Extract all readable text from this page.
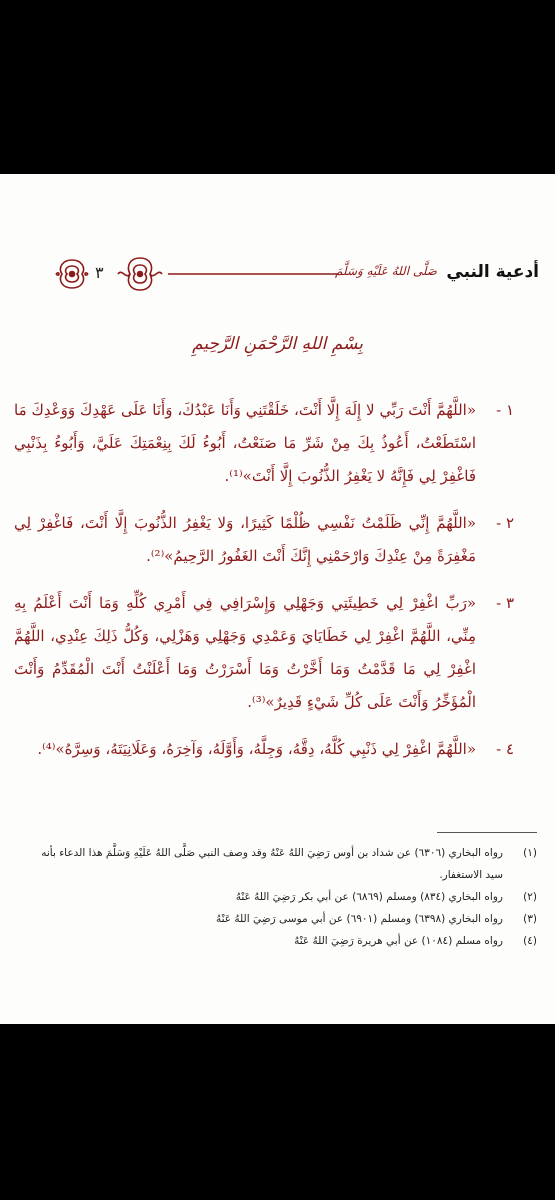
٣	صَلَّى اللهُ عَلَيْهِ وَسَلَّمَ أدعية النبي
بِسْمِ اللهِ الرَّحْمَنِ الرَّحِيمِ
١ -
«اللَّهُمَّ أَنْتَ رَبِّي لا إِلَهَ إِلَّا أَنْتَ، خَلَقْتَنِي وَأَنَا عَبْدُكَ، وَأَنَا عَلَى عَهْدِكَ وَوَعْدِكَ مَا اسْتَطَعْتُ، أَعُوذُ بِكَ مِنْ شَرِّ مَا صَنَعْتُ، أَبُوءُ لَكَ بِنِعْمَتِكَ عَلَيَّ، وَأَبُوءُ بِذَنْبِي فَاغْفِرْ لِي فَإِنَّهُ لا يَغْفِرُ الذُّنُوبَ إِلَّا أَنْتَ»⁽¹⁾.
٢ -
«اللَّهُمَّ إِنِّي ظَلَمْتُ نَفْسِي ظُلْمًا كَثِيرًا، وَلا يَغْفِرُ الذُّنُوبَ إِلَّا أَنْتَ، فَاغْفِرْ لِي مَغْفِرَةً مِنْ عِنْدِكَ وَارْحَمْنِي إِنَّكَ أَنْتَ الغَفُورُ الرَّحِيمُ»⁽²⁾.
٣ -
«رَبِّ اغْفِرْ لِي خَطِيئَتِي وَجَهْلِي وَإِسْرَافِي فِي أَمْرِي كُلِّهِ وَمَا أَنْتَ أَعْلَمُ بِهِ مِنِّي، اللَّهُمَّ اغْفِرْ لِي خَطَايَايَ وَعَمْدِي وَجَهْلِي وَهَزْلِي، وَكُلُّ ذَلِكَ عِنْدِي، اللَّهُمَّ اغْفِرْ لِي مَا قَدَّمْتُ وَمَا أَخَّرْتُ وَمَا أَسْرَرْتُ وَمَا أَعْلَنْتُ أَنْتَ الْمُقَدِّمُ وَأَنْتَ الْمُؤَخِّرُ وَأَنْتَ عَلَى كُلِّ شَيْءٍ قَدِيرٌ»⁽³⁾.
٤ -
«اللَّهُمَّ اغْفِرْ لِي ذَنْبِي كُلَّهُ، دِقَّهُ، وَجِلَّهُ، وَأَوَّلَهُ، وَآخِرَهُ، وَعَلَانِيَتَهُ، وَسِرَّهُ»⁽⁴⁾.
(١)
رواه البخاري (٦٣٠٦) عن شداد بن أوس رَضِيَ اللهُ عَنْهُ وقد وصف النبي صَلَّى اللهُ عَلَيْهِ وَسَلَّمَ هذا الدعاء بأنه سيد الاستغفار.
(٢)
رواه البخاري (٨٣٤) ومسلم (٦٨٦٩) عن أبي بكر رَضِيَ اللهُ عَنْهُ
(٣)
رواه البخاري (٦٣٩٨) ومسلم (٦٩٠١) عن أبي موسى رَضِيَ اللهُ عَنْهُ
(٤)
رواه مسلم (١٠٨٤) عن أبي هريرة رَضِيَ اللهُ عَنْهُ
